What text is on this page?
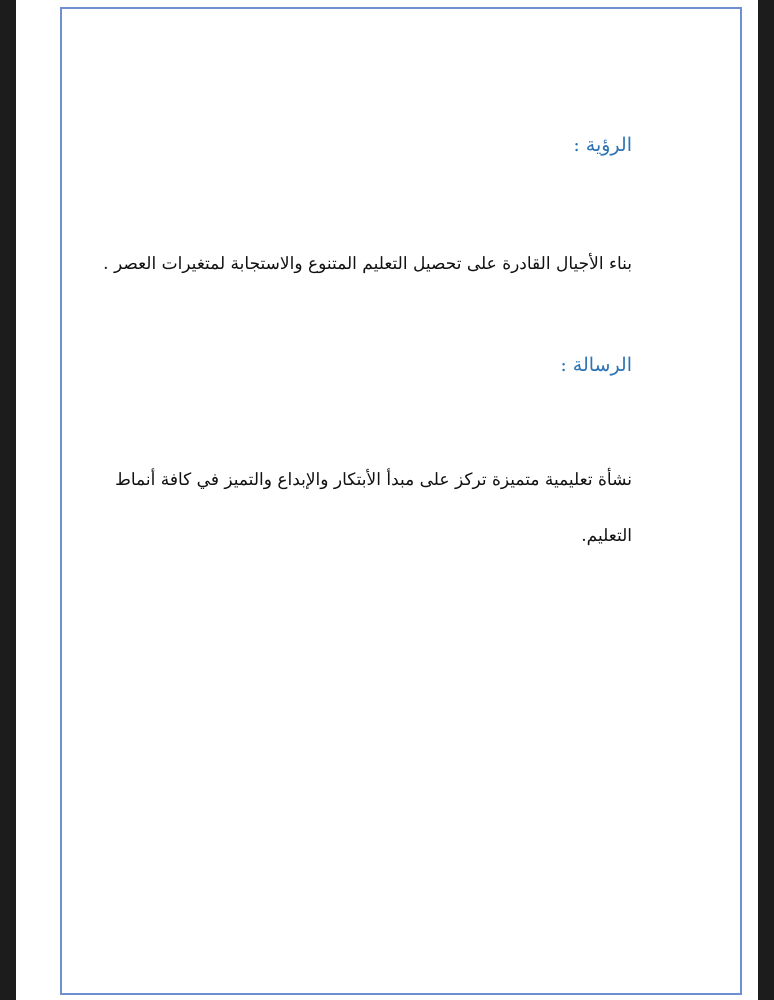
الرؤية :
بناء الأجيال القادرة على تحصيل التعليم المتنوع والاستجابة لمتغيرات العصر .
الرسالة :
نشأة تعليمية متميزة تركز على مبدأ الأبتكار والإبداع والتميز في كافة أنماط
التعليم.
